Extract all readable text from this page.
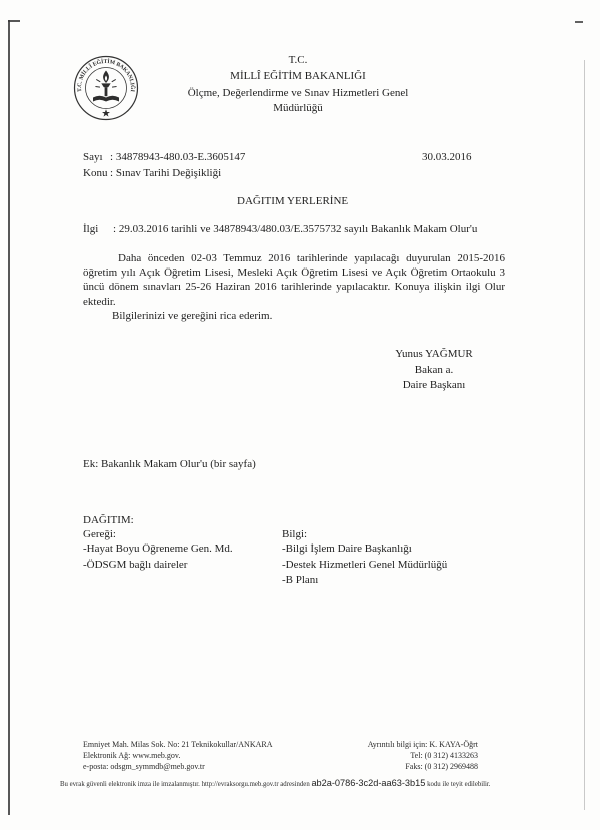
T.C. MİLLÎ EĞİTİM BAKANLIĞI
T.C.
MİLLÎ EĞİTİM BAKANLIĞI
Ölçme, Değerlendirme ve Sınav Hizmetleri Genel
Müdürlüğü
Sayı : 34878943-480.03-E.3605147	30.03.2016
Konu : Sınav Tarihi Değişikliği
DAĞITIM YERLERİNE
İlgi : 29.03.2016 tarihli ve 34878943/480.03/E.3575732 sayılı Bakanlık Makam Olur'u
Daha önceden 02-03 Temmuz 2016 tarihlerinde yapılacağı duyurulan 2015-2016
öğretim yılı Açık Öğretim Lisesi, Mesleki Açık Öğretim Lisesi ve Açık Öğretim Ortaokulu 3
üncü dönem sınavları 25-26 Haziran 2016 tarihlerinde yapılacaktır. Konuya ilişkin ilgi Olur
ektedir.
Bilgilerinizi ve gereğini rica ederim.
Yunus YAĞMUR
Bakan a.
Daire Başkanı
Ek: Bakanlık Makam Olur'u (bir sayfa)
DAĞITIM:
Gereği:
-Hayat Boyu Öğreneme Gen. Md.
-ÖDSGM bağlı daireler
Bilgi:
-Bilgi İşlem Daire Başkanlığı
-Destek Hizmetleri Genel Müdürlüğü
-B Planı
Emniyet Mah. Milas Sok. No: 21 Teknikokullar/ANKARA
Elektronik Ağ: www.meb.gov.
e-posta: odsgm_symmdb@meb.gov.tr
Ayrıntılı bilgi için: K. KAYA-Öğrt
Tel: (0 312) 4133263
Faks: (0 312) 2969488
Bu evrak güvenli elektronik imza ile imzalanmıştır. http://evraksorgu.meb.gov.tr adresinden ab2a-0786-3c2d-aa63-3b15 kodu ile teyit edilebilir.
